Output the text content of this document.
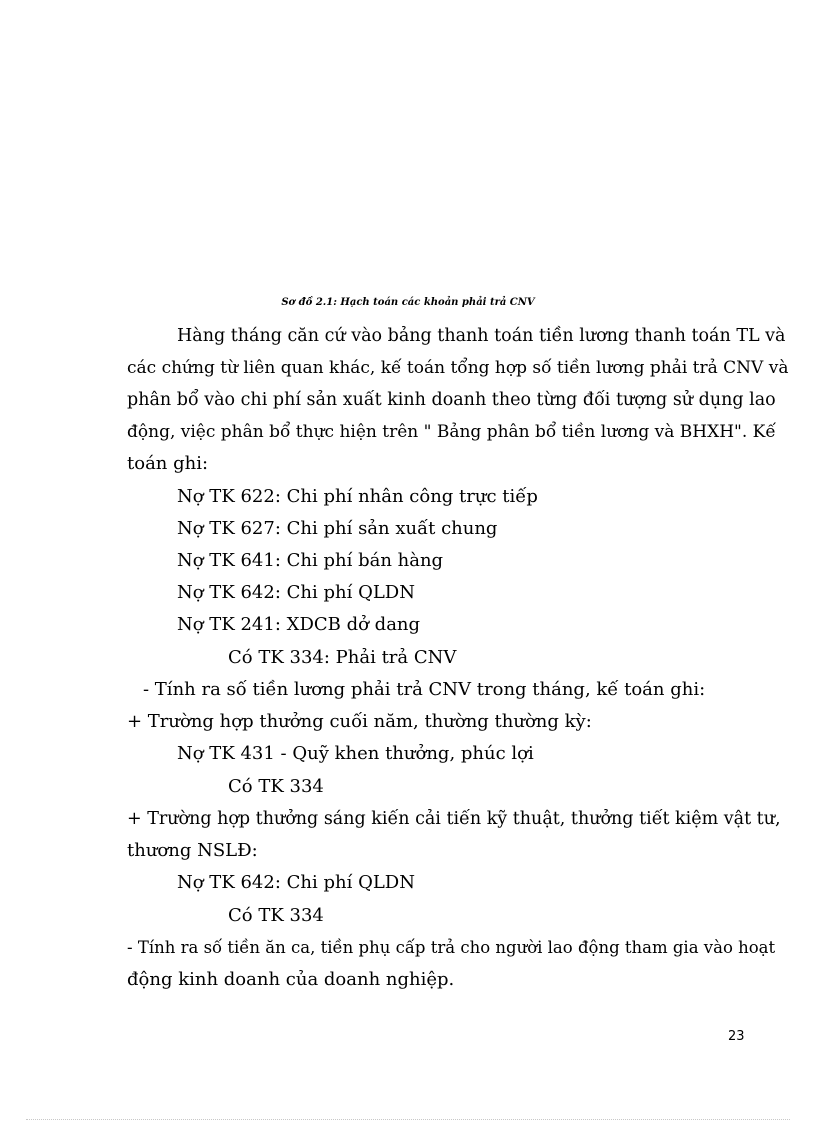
Sơ đồ 2.1: Hạch toán các khoản phải trả CNV
Hàng tháng căn cứ vào bảng thanh toán tiền lương thanh toán TL và
các chứng từ liên quan khác, kế toán tổng hợp số tiền lương phải trả CNV và
phân bổ vào chi phí sản xuất kinh doanh theo từng đối tượng sử dụng lao
động, việc phân bổ thực hiện trên " Bảng phân bổ tiền lương và BHXH". Kế
toán ghi:
Nợ TK 622: Chi phí nhân công trực tiếp
Nợ TK 627: Chi phí sản xuất chung
Nợ TK 641: Chi phí bán hàng
Nợ TK 642: Chi phí QLDN
Nợ TK 241: XDCB dở dang
Có TK 334: Phải trả CNV
- Tính ra số tiền lương phải trả CNV trong tháng, kế toán ghi:
+ Trường hợp thưởng cuối năm, thường thường kỳ:
Nợ TK 431 - Quỹ khen thưởng, phúc lợi
Có TK 334
+ Trường hợp thưởng sáng kiến cải tiến kỹ thuật, thưởng tiết kiệm vật tư,
thương NSLĐ:
Nợ TK 642: Chi phí QLDN
Có TK 334
- Tính ra số tiền ăn ca, tiền phụ cấp trả cho người lao động tham gia vào hoạt
động kinh doanh của doanh nghiệp.
23
